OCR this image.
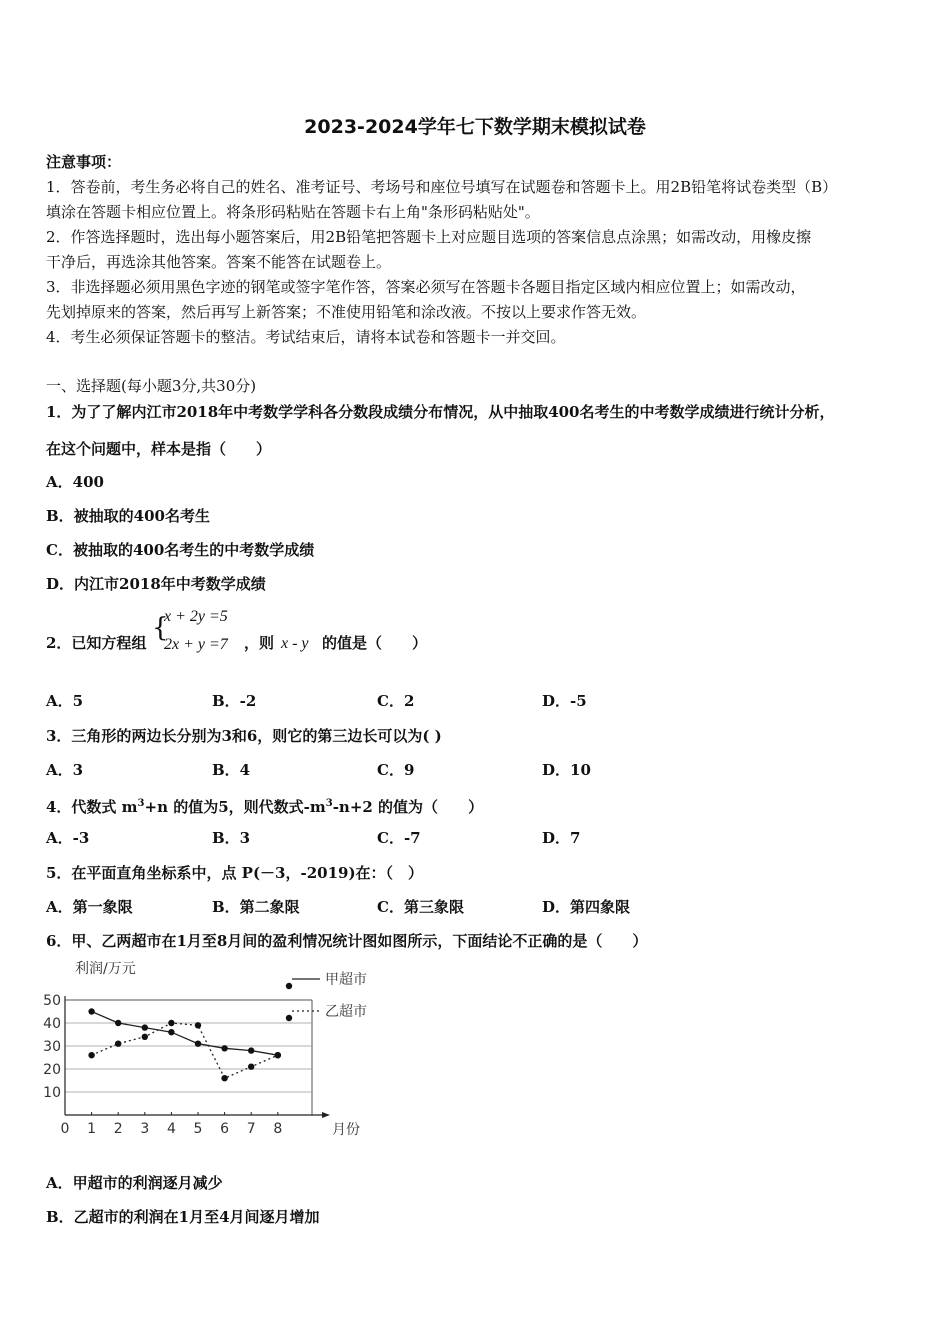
2023-2024学年七下数学期末模拟试卷
注意事项：
1．答卷前，考生务必将自己的姓名、准考证号、考场号和座位号填写在试题卷和答题卡上。用2B铅笔将试卷类型（B）
填涂在答题卡相应位置上。将条形码粘贴在答题卡右上角"条形码粘贴处"。
2．作答选择题时，选出每小题答案后，用2B铅笔把答题卡上对应题目选项的答案信息点涂黑；如需改动，用橡皮擦
干净后，再选涂其他答案。答案不能答在试题卷上。
3．非选择题必须用黑色字迹的钢笔或签字笔作答，答案必须写在答题卡各题目指定区域内相应位置上；如需改动，
先划掉原来的答案，然后再写上新答案；不准使用铅笔和涂改液。不按以上要求作答无效。
4．考生必须保证答题卡的整洁。考试结束后，请将本试卷和答题卡一并交回。
一、选择题(每小题3分,共30分)
1．为了了解内江市2018年中考数学学科各分数段成绩分布情况，从中抽取400名考生的中考数学成绩进行统计分析，
在这个问题中，样本是指（　　）
A．400
B．被抽取的400名考生
C．被抽取的400名考生的中考数学成绩
D．内江市2018年中考数学成绩
2．已知方程组 {
x + 2y =5
2x + y =7 ，则 x - y 的值是（　　）
A．5	B．-2	C．2	D．-5
3．三角形的两边长分别为3和6，则它的第三边长可以为( )
A．3	B．4	C．9	D．10
4．代数式 $m^3+n$ 的值为5，则代数式$-m^3-n+2$ 的值为（　　）
A．-3	B．3	C．-7	D．7
5．在平面直角坐标系中，点 P(－3，-2019)在：（　）
A．第一象限	B．第二象限	C．第三象限	D．第四象限
6．甲、乙两超市在1月至8月间的盈利情况统计图如图所示，下面结论不正确的是（　　）
10
20
30
40
50
0 1 2 3 4 5 6 7 8
利润/万元
月份
甲超市
乙超市
A．甲超市的利润逐月减少
B．乙超市的利润在1月至4月间逐月增加
